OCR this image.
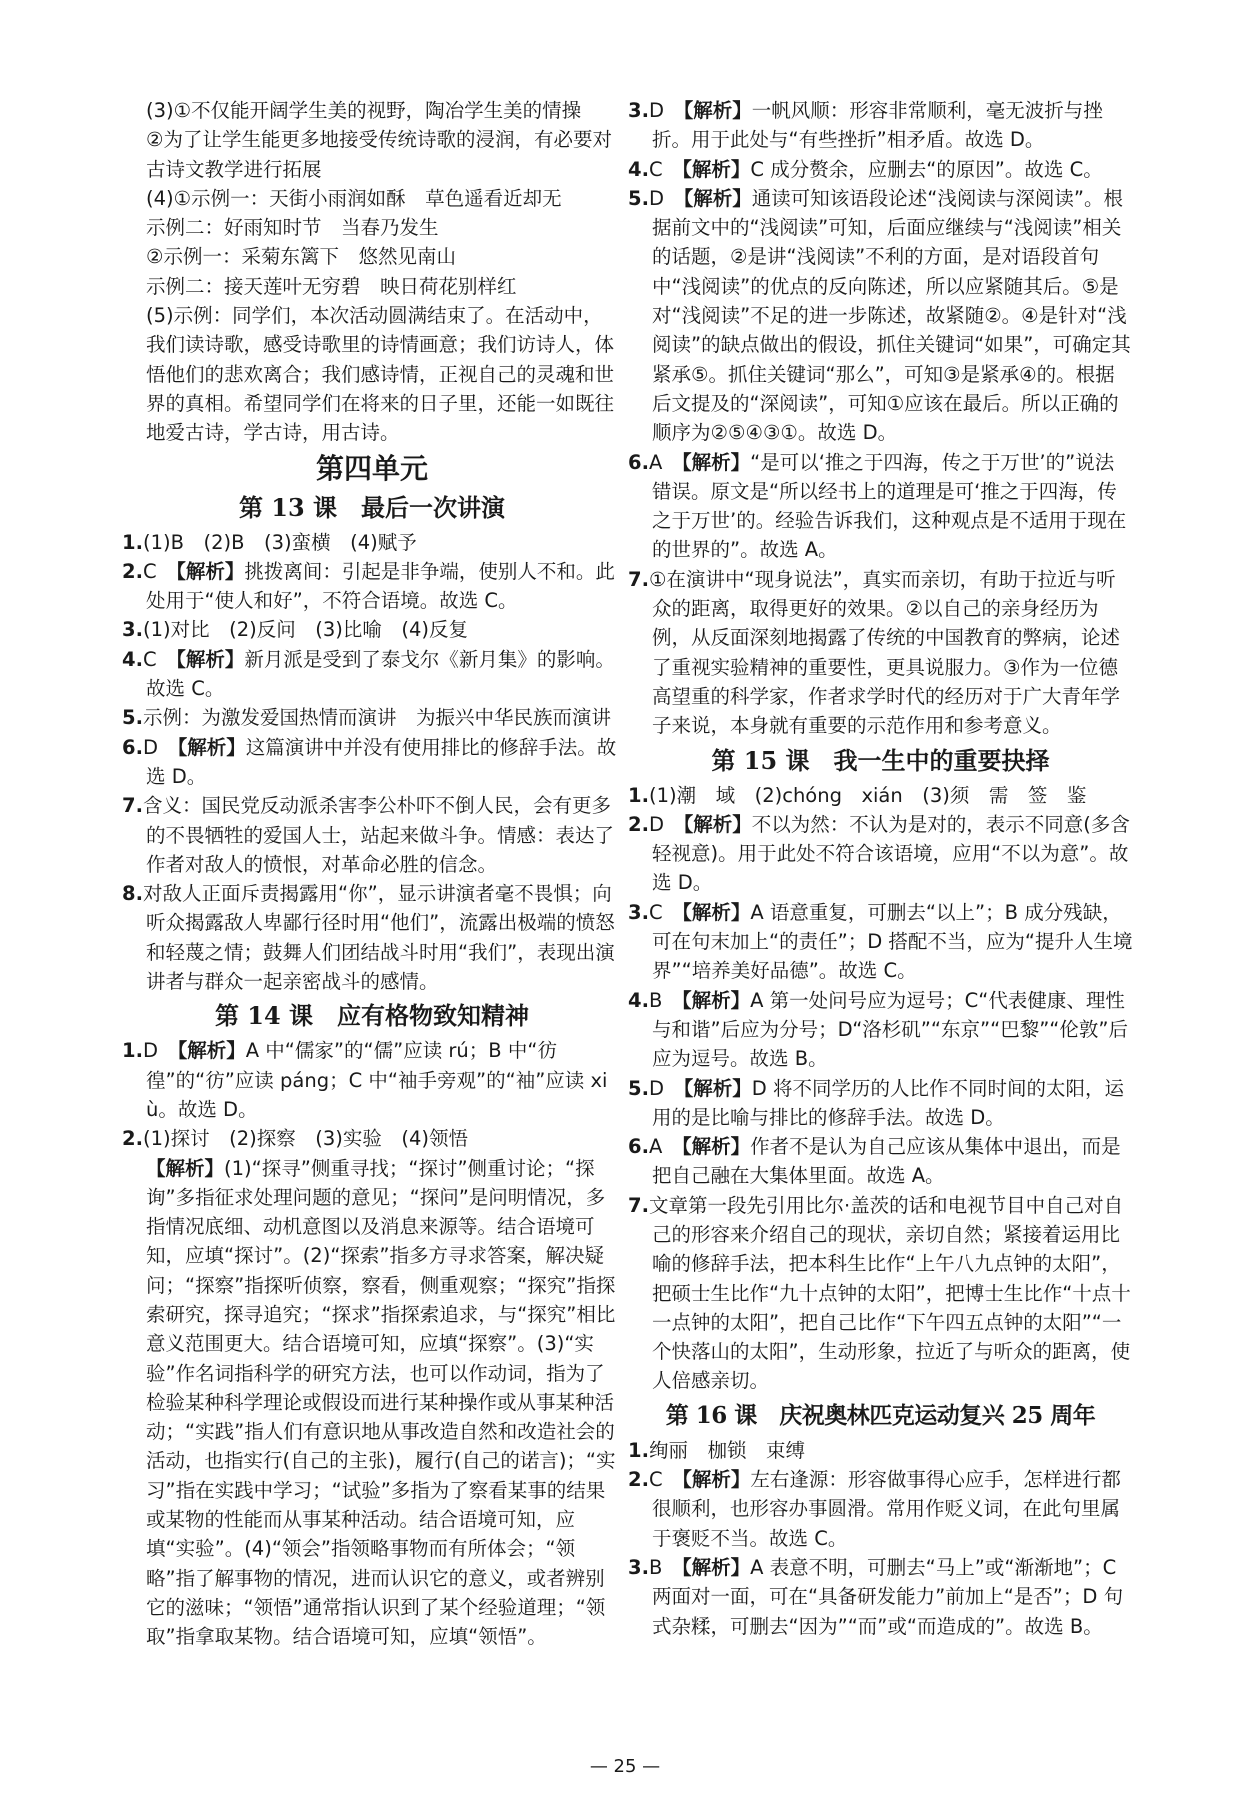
(3)①不仅能开阔学生美的视野，陶冶学生美的情操
②为了让学生能更多地接受传统诗歌的浸润，有必要对古诗文教学进行拓展
(4)①示例一：天街小雨润如酥　草色遥看近却无
示例二：好雨知时节　当春乃发生
②示例一：采菊东篱下　悠然见南山
示例二：接天莲叶无穷碧　映日荷花别样红
(5)示例：同学们，本次活动圆满结束了。在活动中，我们读诗歌，感受诗歌里的诗情画意；我们访诗人，体悟他们的悲欢离合；我们感诗情，正视自己的灵魂和世界的真相。希望同学们在将来的日子里，还能一如既往地爱古诗，学古诗，用古诗。
第四单元
第 13 课　最后一次讲演
1.(1)B　(2)B　(3)蛮横　(4)赋予
2.C　【解析】挑拨离间：引起是非争端，使别人不和。此处用于“使人和好”，不符合语境。故选 C。
3.(1)对比　(2)反问　(3)比喻　(4)反复
4.C　【解析】新月派是受到了泰戈尔《新月集》的影响。故选 C。
5.示例：为激发爱国热情而演讲　为振兴中华民族而演讲
6.D　【解析】这篇演讲中并没有使用排比的修辞手法。故选 D。
7.含义：国民党反动派杀害李公朴吓不倒人民，会有更多的不畏牺牲的爱国人士，站起来做斗争。情感：表达了作者对敌人的愤恨，对革命必胜的信念。
8.对敌人正面斥责揭露用“你”，显示讲演者毫不畏惧；向听众揭露敌人卑鄙行径时用“他们”，流露出极端的愤怒和轻蔑之情；鼓舞人们团结战斗时用“我们”，表现出演讲者与群众一起亲密战斗的感情。
第 14 课　应有格物致知精神
1.D　【解析】A 中“儒家”的“儒”应读 rú；B 中“彷徨”的“彷”应读 páng；C 中“袖手旁观”的“袖”应读 xiù。故选 D。
2.(1)探讨　(2)探察　(3)实验　(4)领悟
【解析】(1)“探寻”侧重寻找；“探讨”侧重讨论；“探询”多指征求处理问题的意见；“探问”是问明情况，多指情况底细、动机意图以及消息来源等。结合语境可知，应填“探讨”。(2)“探索”指多方寻求答案，解决疑问；“探察”指探听侦察，察看，侧重观察；“探究”指探索研究，探寻追究；“探求”指探索追求，与“探究”相比意义范围更大。结合语境可知，应填“探察”。(3)“实验”作名词指科学的研究方法，也可以作动词，指为了检验某种科学理论或假设而进行某种操作或从事某种活动；“实践”指人们有意识地从事改造自然和改造社会的活动，也指实行(自己的主张)，履行(自己的诺言)；“实习”指在实践中学习；“试验”多指为了察看某事的结果或某物的性能而从事某种活动。结合语境可知，应填“实验”。(4)“领会”指领略事物而有所体会；“领略”指了解事物的情况，进而认识它的意义，或者辨别它的滋味；“领悟”通常指认识到了某个经验道理；“领取”指拿取某物。结合语境可知，应填“领悟”。
3.D　【解析】一帆风顺：形容非常顺利，毫无波折与挫折。用于此处与“有些挫折”相矛盾。故选 D。
4.C　【解析】C 成分赘余，应删去“的原因”。故选 C。
5.D　【解析】通读可知该语段论述“浅阅读与深阅读”。根据前文中的“浅阅读”可知，后面应继续与“浅阅读”相关的话题，②是讲“浅阅读”不利的方面，是对语段首句中“浅阅读”的优点的反向陈述，所以应紧随其后。⑤是对“浅阅读”不足的进一步陈述，故紧随②。④是针对“浅阅读”的缺点做出的假设，抓住关键词“如果”，可确定其紧承⑤。抓住关键词“那么”，可知③是紧承④的。根据后文提及的“深阅读”，可知①应该在最后。所以正确的顺序为②⑤④③①。故选 D。
6.A　【解析】“是可以‘推之于四海，传之于万世’的”说法错误。原文是“所以经书上的道理是可‘推之于四海，传之于万世’的。经验告诉我们，这种观点是不适用于现在的世界的”。故选 A。
7.①在演讲中“现身说法”，真实而亲切，有助于拉近与听众的距离，取得更好的效果。②以自己的亲身经历为例，从反面深刻地揭露了传统的中国教育的弊病，论述了重视实验精神的重要性，更具说服力。③作为一位德高望重的科学家，作者求学时代的经历对于广大青年学子来说，本身就有重要的示范作用和参考意义。
第 15 课　我一生中的重要抉择
1.(1)潮　域　(2)chóng　xián　(3)须　需　签　鉴
2.D　【解析】不以为然：不认为是对的，表示不同意(多含轻视意)。用于此处不符合该语境，应用“不以为意”。故选 D。
3.C　【解析】A 语意重复，可删去“以上”；B 成分残缺，可在句末加上“的责任”；D 搭配不当，应为“提升人生境界”“培养美好品德”。故选 C。
4.B　【解析】A 第一处问号应为逗号；C“代表健康、理性与和谐”后应为分号；D“洛杉矶”“东京”“巴黎”“伦敦”后应为逗号。故选 B。
5.D　【解析】D 将不同学历的人比作不同时间的太阳，运用的是比喻与排比的修辞手法。故选 D。
6.A　【解析】作者不是认为自己应该从集体中退出，而是把自己融在大集体里面。故选 A。
7.文章第一段先引用比尔·盖茨的话和电视节目中自己对自己的形容来介绍自己的现状，亲切自然；紧接着运用比喻的修辞手法，把本科生比作“上午八九点钟的太阳”，把硕士生比作“九十点钟的太阳”，把博士生比作“十点十一点钟的太阳”，把自己比作“下午四五点钟的太阳”“一个快落山的太阳”，生动形象，拉近了与听众的距离，使人倍感亲切。
第 16 课　庆祝奥林匹克运动复兴 25 周年
1.绚丽　枷锁　束缚
2.C　【解析】左右逢源：形容做事得心应手，怎样进行都很顺利，也形容办事圆滑。常用作贬义词，在此句里属于褒贬不当。故选 C。
3.B　【解析】A 表意不明，可删去“马上”或“渐渐地”；C 两面对一面，可在“具备研发能力”前加上“是否”；D 句式杂糅，可删去“因为”“而”或“而造成的”。故选 B。
— 25 —
